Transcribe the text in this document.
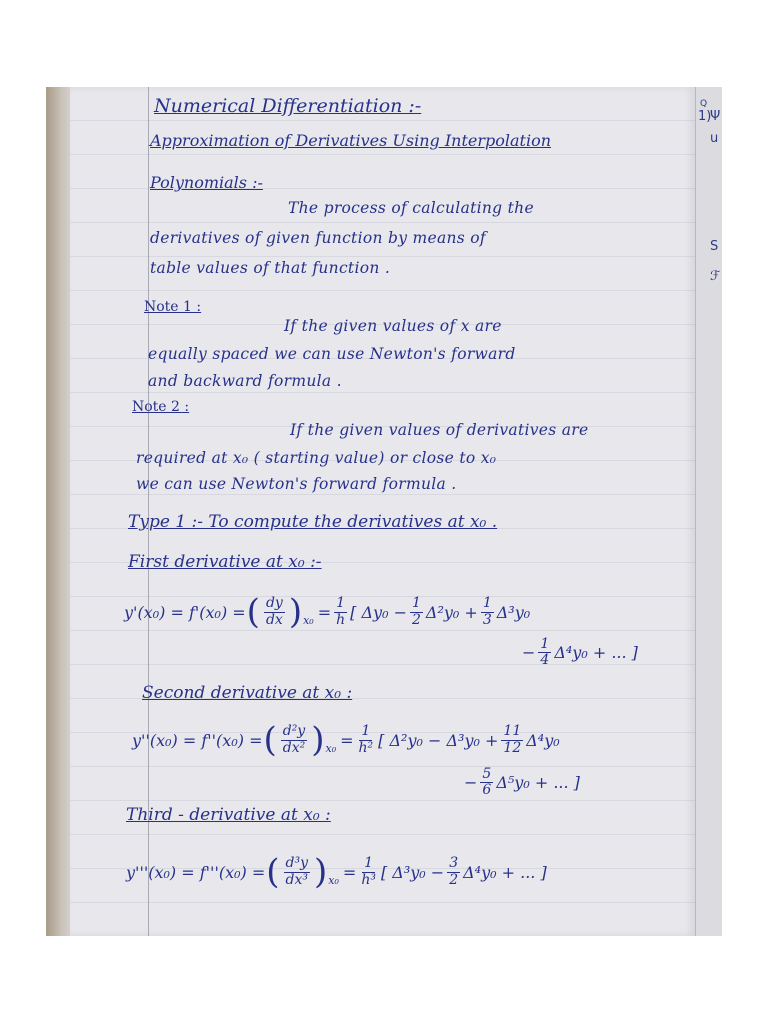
Numerical Differentiation :-
Approximation of Derivatives Using Interpolation
Polynomials :-
The process of calculating the
derivatives of given function by means of
table values of that function .
Note 1 :
If the given values of x are
equally spaced we can use Newton's forward
and backward formula .
Note 2 :
If the given values of derivatives are
required at x₀ ( starting value) or close to x₀
we can use Newton's forward formula .
Type 1 :- To compute the derivatives at x₀ .
First derivative at x₀ :-
y'(x₀) = f'(x₀) = ( $\frac{dy}{dx}$ ) $x_0 = \frac{1}{h}$ [ $\Delta y_0 - \frac{1}{2} \Delta^2y_0 + \frac{1}{3} \Delta^3y_0$
− $\frac{1}{4} \Delta^4y_0$ + ... ]
Second derivative at x₀ :
y''(x₀) = f''(x₀) = ( $\frac{\text{d²y}}{\text{dx²}}$ ) $x_0 = \frac{1}{\text{h²}}$ [ $\Delta^2y_0 - \Delta^3y_0 + \frac{11}{12} \Delta^4y_0$
− $\frac{5}{6} \Delta^5y_0$ + ... ]
Third - derivative at x₀ :
y'''(x₀) = f'''(x₀) = ( $\frac{\text{d³y}}{\text{dx³}}$ ) $x_0 = \frac{1}{\text{h³}}$ [ $\Delta^3y_0 - \frac{3}{2} \Delta^4y_0$ + ... ]
Q
1)
Ψ
u
S
ℱ
